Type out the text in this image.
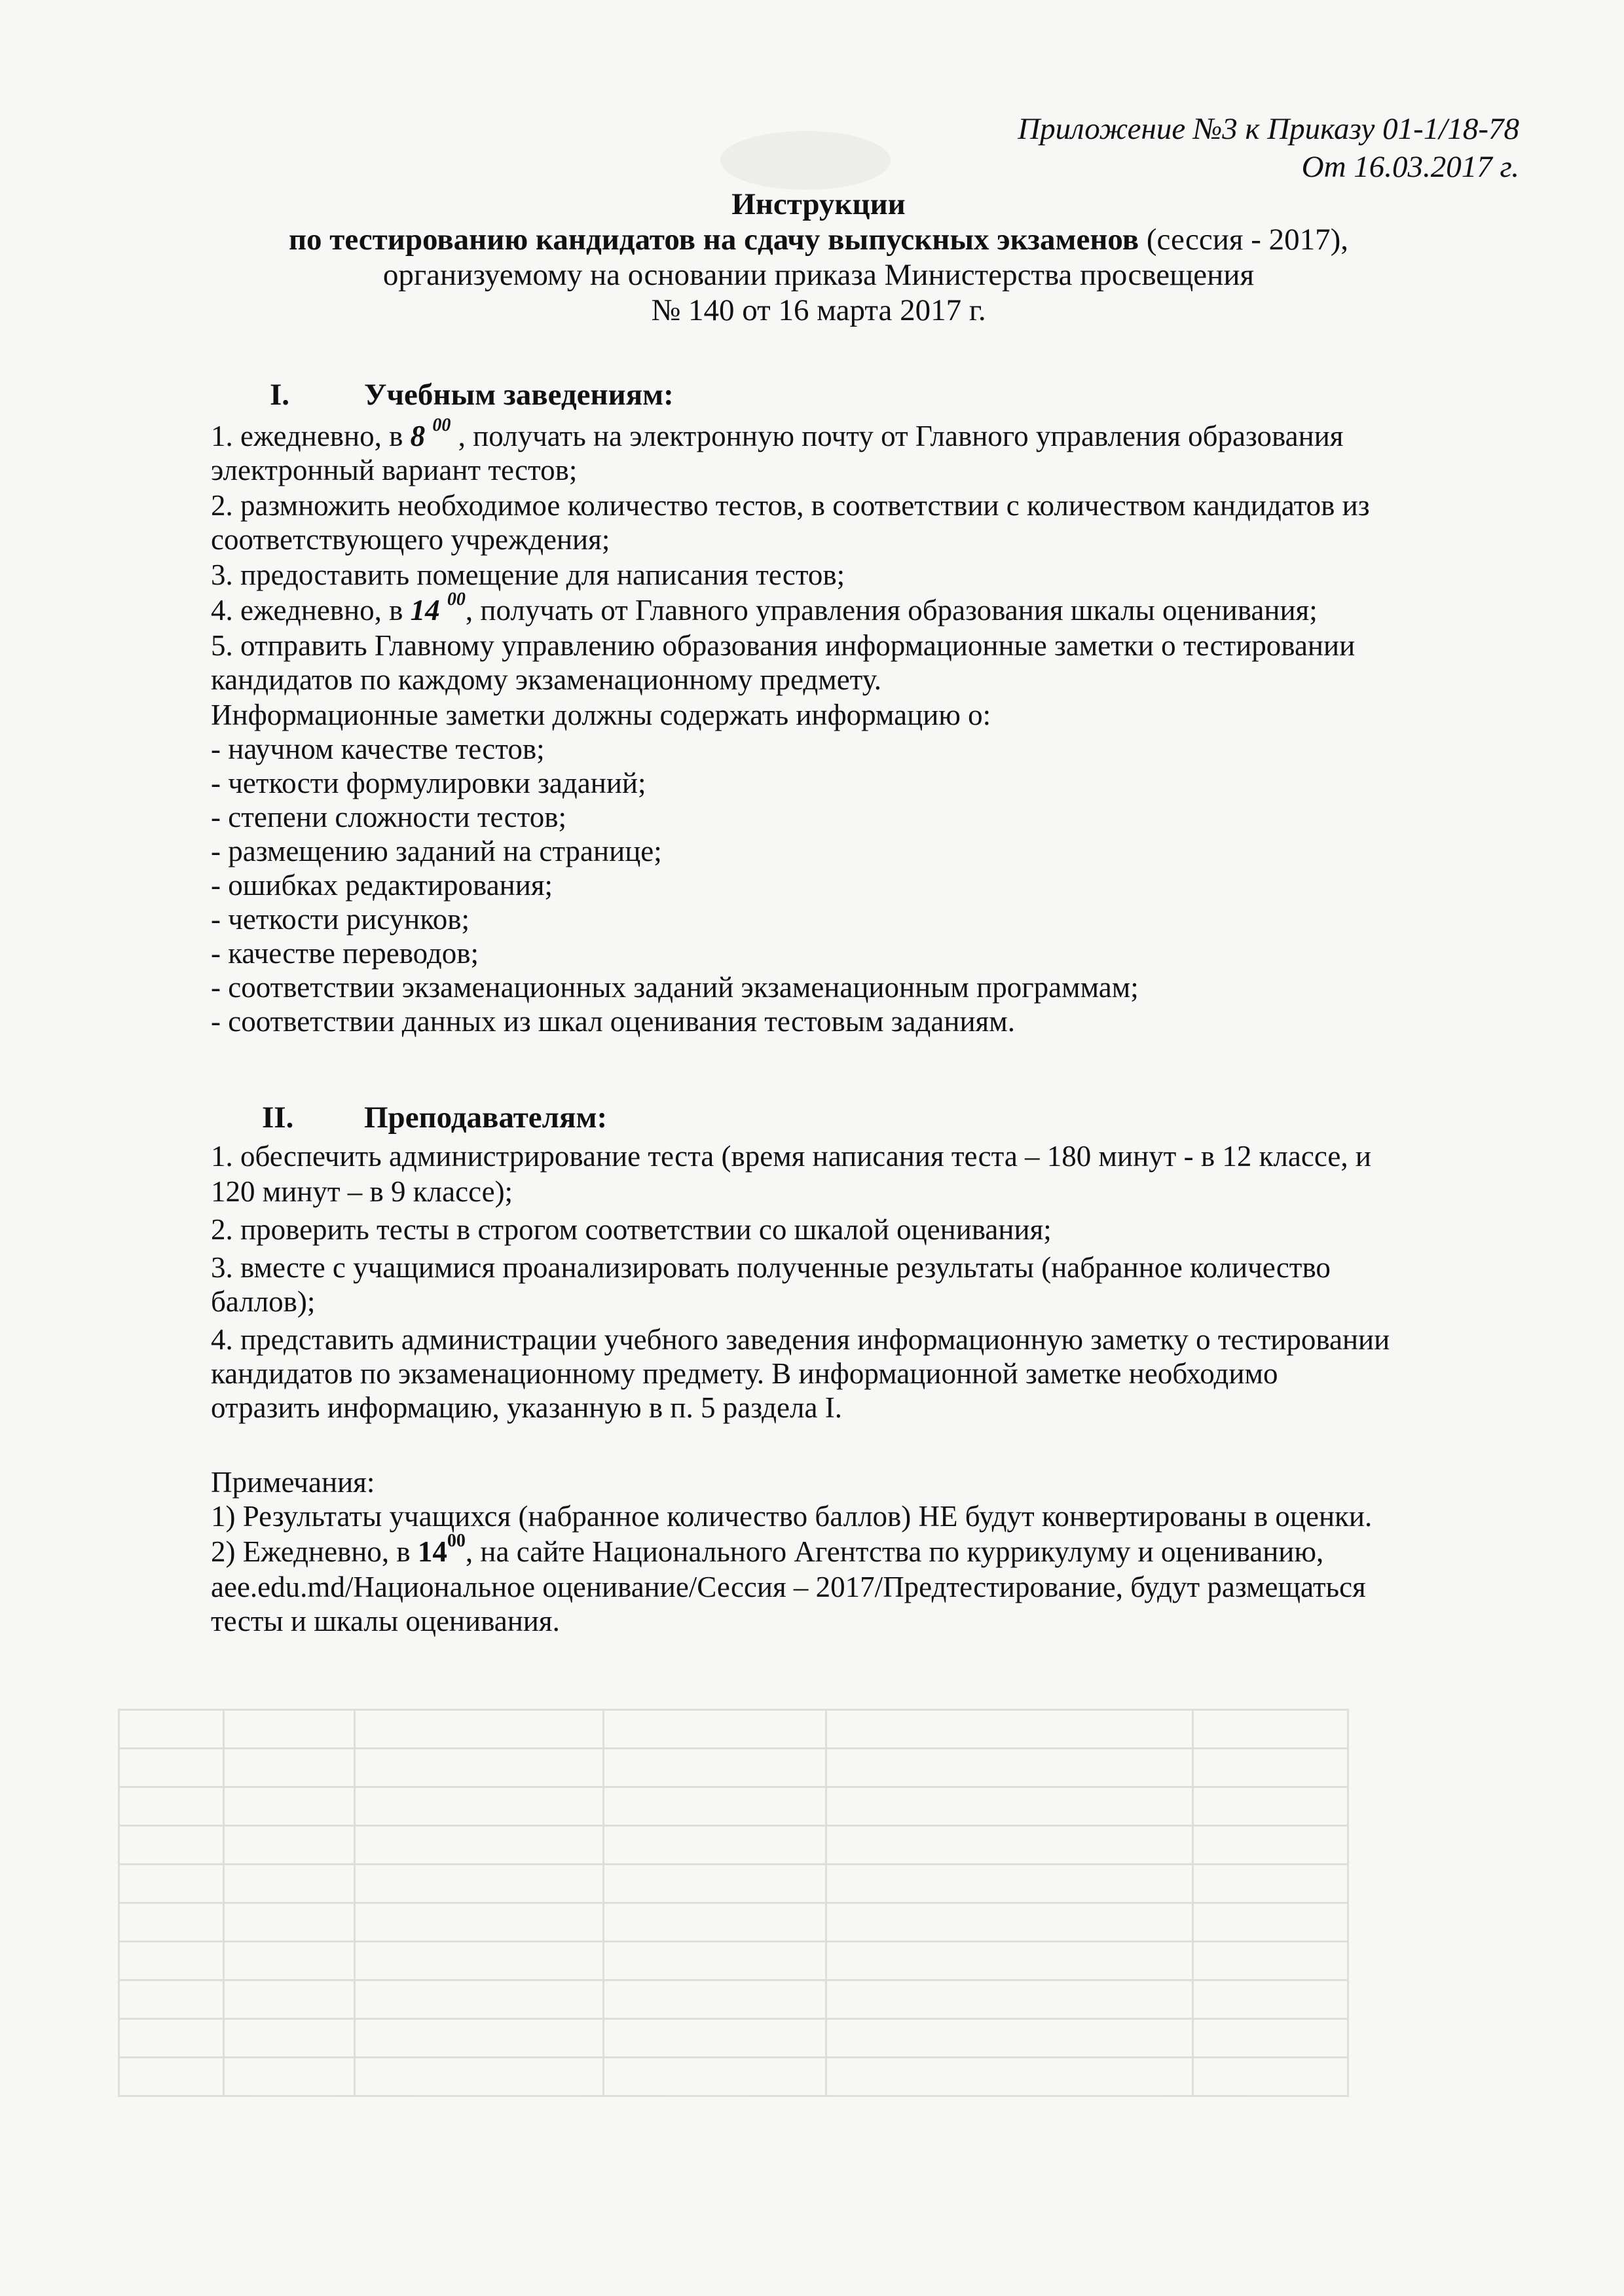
Приложение №3 к Приказу 01-1/18-78
От 16.03.2017 г.
Инструкции
по тестированию кандидатов на сдачу выпускных экзаменов (сессия - 2017),
организуемому на основании приказа Министерства просвещения
№ 140 от 16 марта 2017 г.
I. Учебным заведениям:
1. ежедневно, в 8 $^{00}$ , получать на электронную почту от Главного управления образования
электронный вариант тестов;
2. размножить необходимое количество тестов, в соответствии с количеством кандидатов из
соответствующего учреждения;
3. предоставить помещение для написания тестов;
4. ежедневно, в 14 $^{00}$, получать от Главного управления образования шкалы оценивания;
5. отправить Главному управлению образования информационные заметки о тестировании
кандидатов по каждому экзаменационному предмету.
Информационные заметки должны содержать информацию о:
- научном качестве тестов;
- четкости формулировки заданий;
- степени сложности тестов;
- размещению заданий на странице;
- ошибках редактирования;
- четкости рисунков;
- качестве переводов;
- соответствии экзаменационных заданий экзаменационным программам;
- соответствии данных из шкал оценивания тестовым заданиям.
II. Преподавателям:
1. обеспечить администрирование теста (время написания теста – 180 минут - в 12 классе, и
120 минут – в 9 классе);
2. проверить тесты в строгом соответствии со шкалой оценивания;
3. вместе с учащимися проанализировать полученные результаты (набранное количество
баллов);
4. представить администрации учебного заведения информационную заметку о тестировании
кандидатов по экзаменационному предмету. В информационной заметке необходимо
отразить информацию, указанную в п. 5 раздела I.
Примечания:
1) Результаты учащихся (набранное количество баллов) НЕ будут конвертированы в оценки.
2) Ежедневно, в $14^{00}$, на сайте Национального Агентства по куррикулуму и оцениванию,
aee.edu.md/Национальное оценивание/Сессия – 2017/Предтестирование, будут размещаться
тесты и шкалы оценивания.
